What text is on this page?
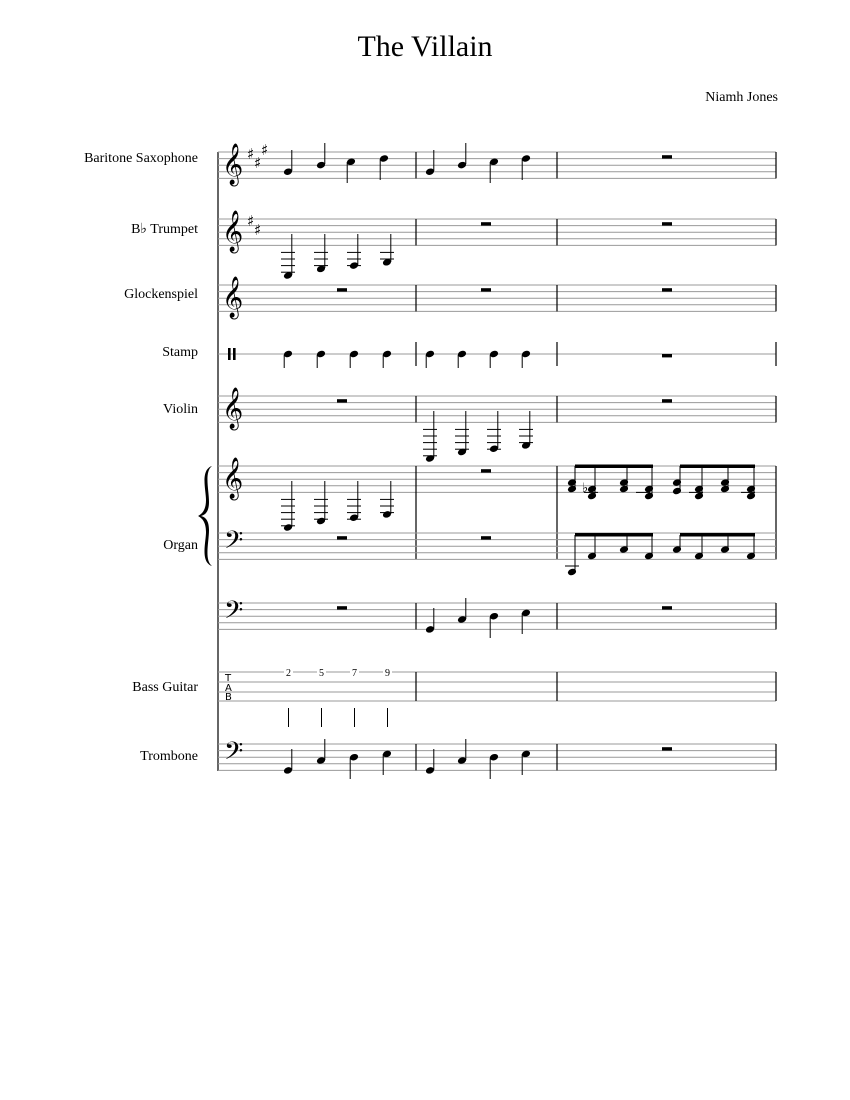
The Villain
Niamh Jones
Baritone Saxophone
B♭ Trumpet
Glockenspiel
Stamp
Violin
Organ
Bass Guitar
Trombone
𝄞 ♯ ♯
♯
𝄞 ♯ ♯
𝄞
𝄞
𝄞	♭
𝄢
𝄢
T
A
B
2	5	7	9
𝄢
